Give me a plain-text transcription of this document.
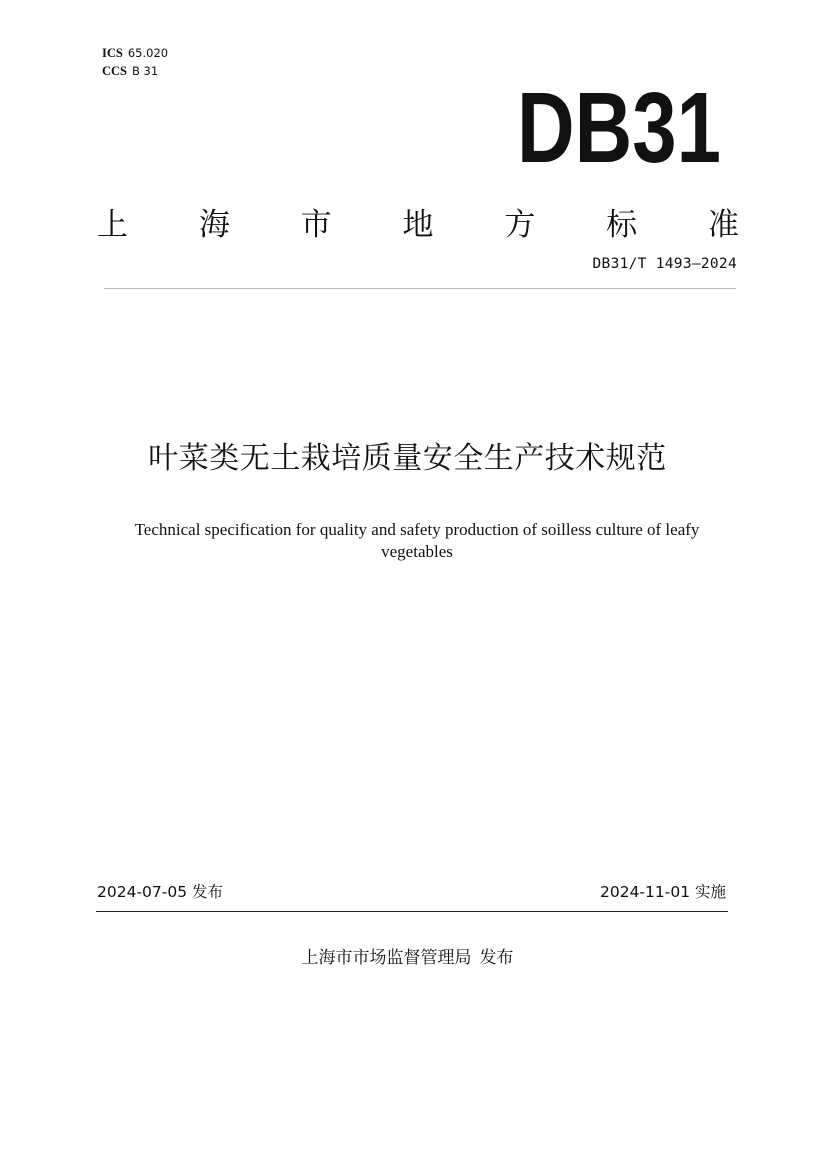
ICS 65.020
CCS B 31
DB31
上 海 市 地 方 标 准
DB31/T 1493—2024
叶菜类无土栽培质量安全生产技术规范
Technical specification for quality and safety production of soilless culture of leafy vegetables
2024-07-05 发布	2024-11-01 实施
上海市市场监督管理局 发布
